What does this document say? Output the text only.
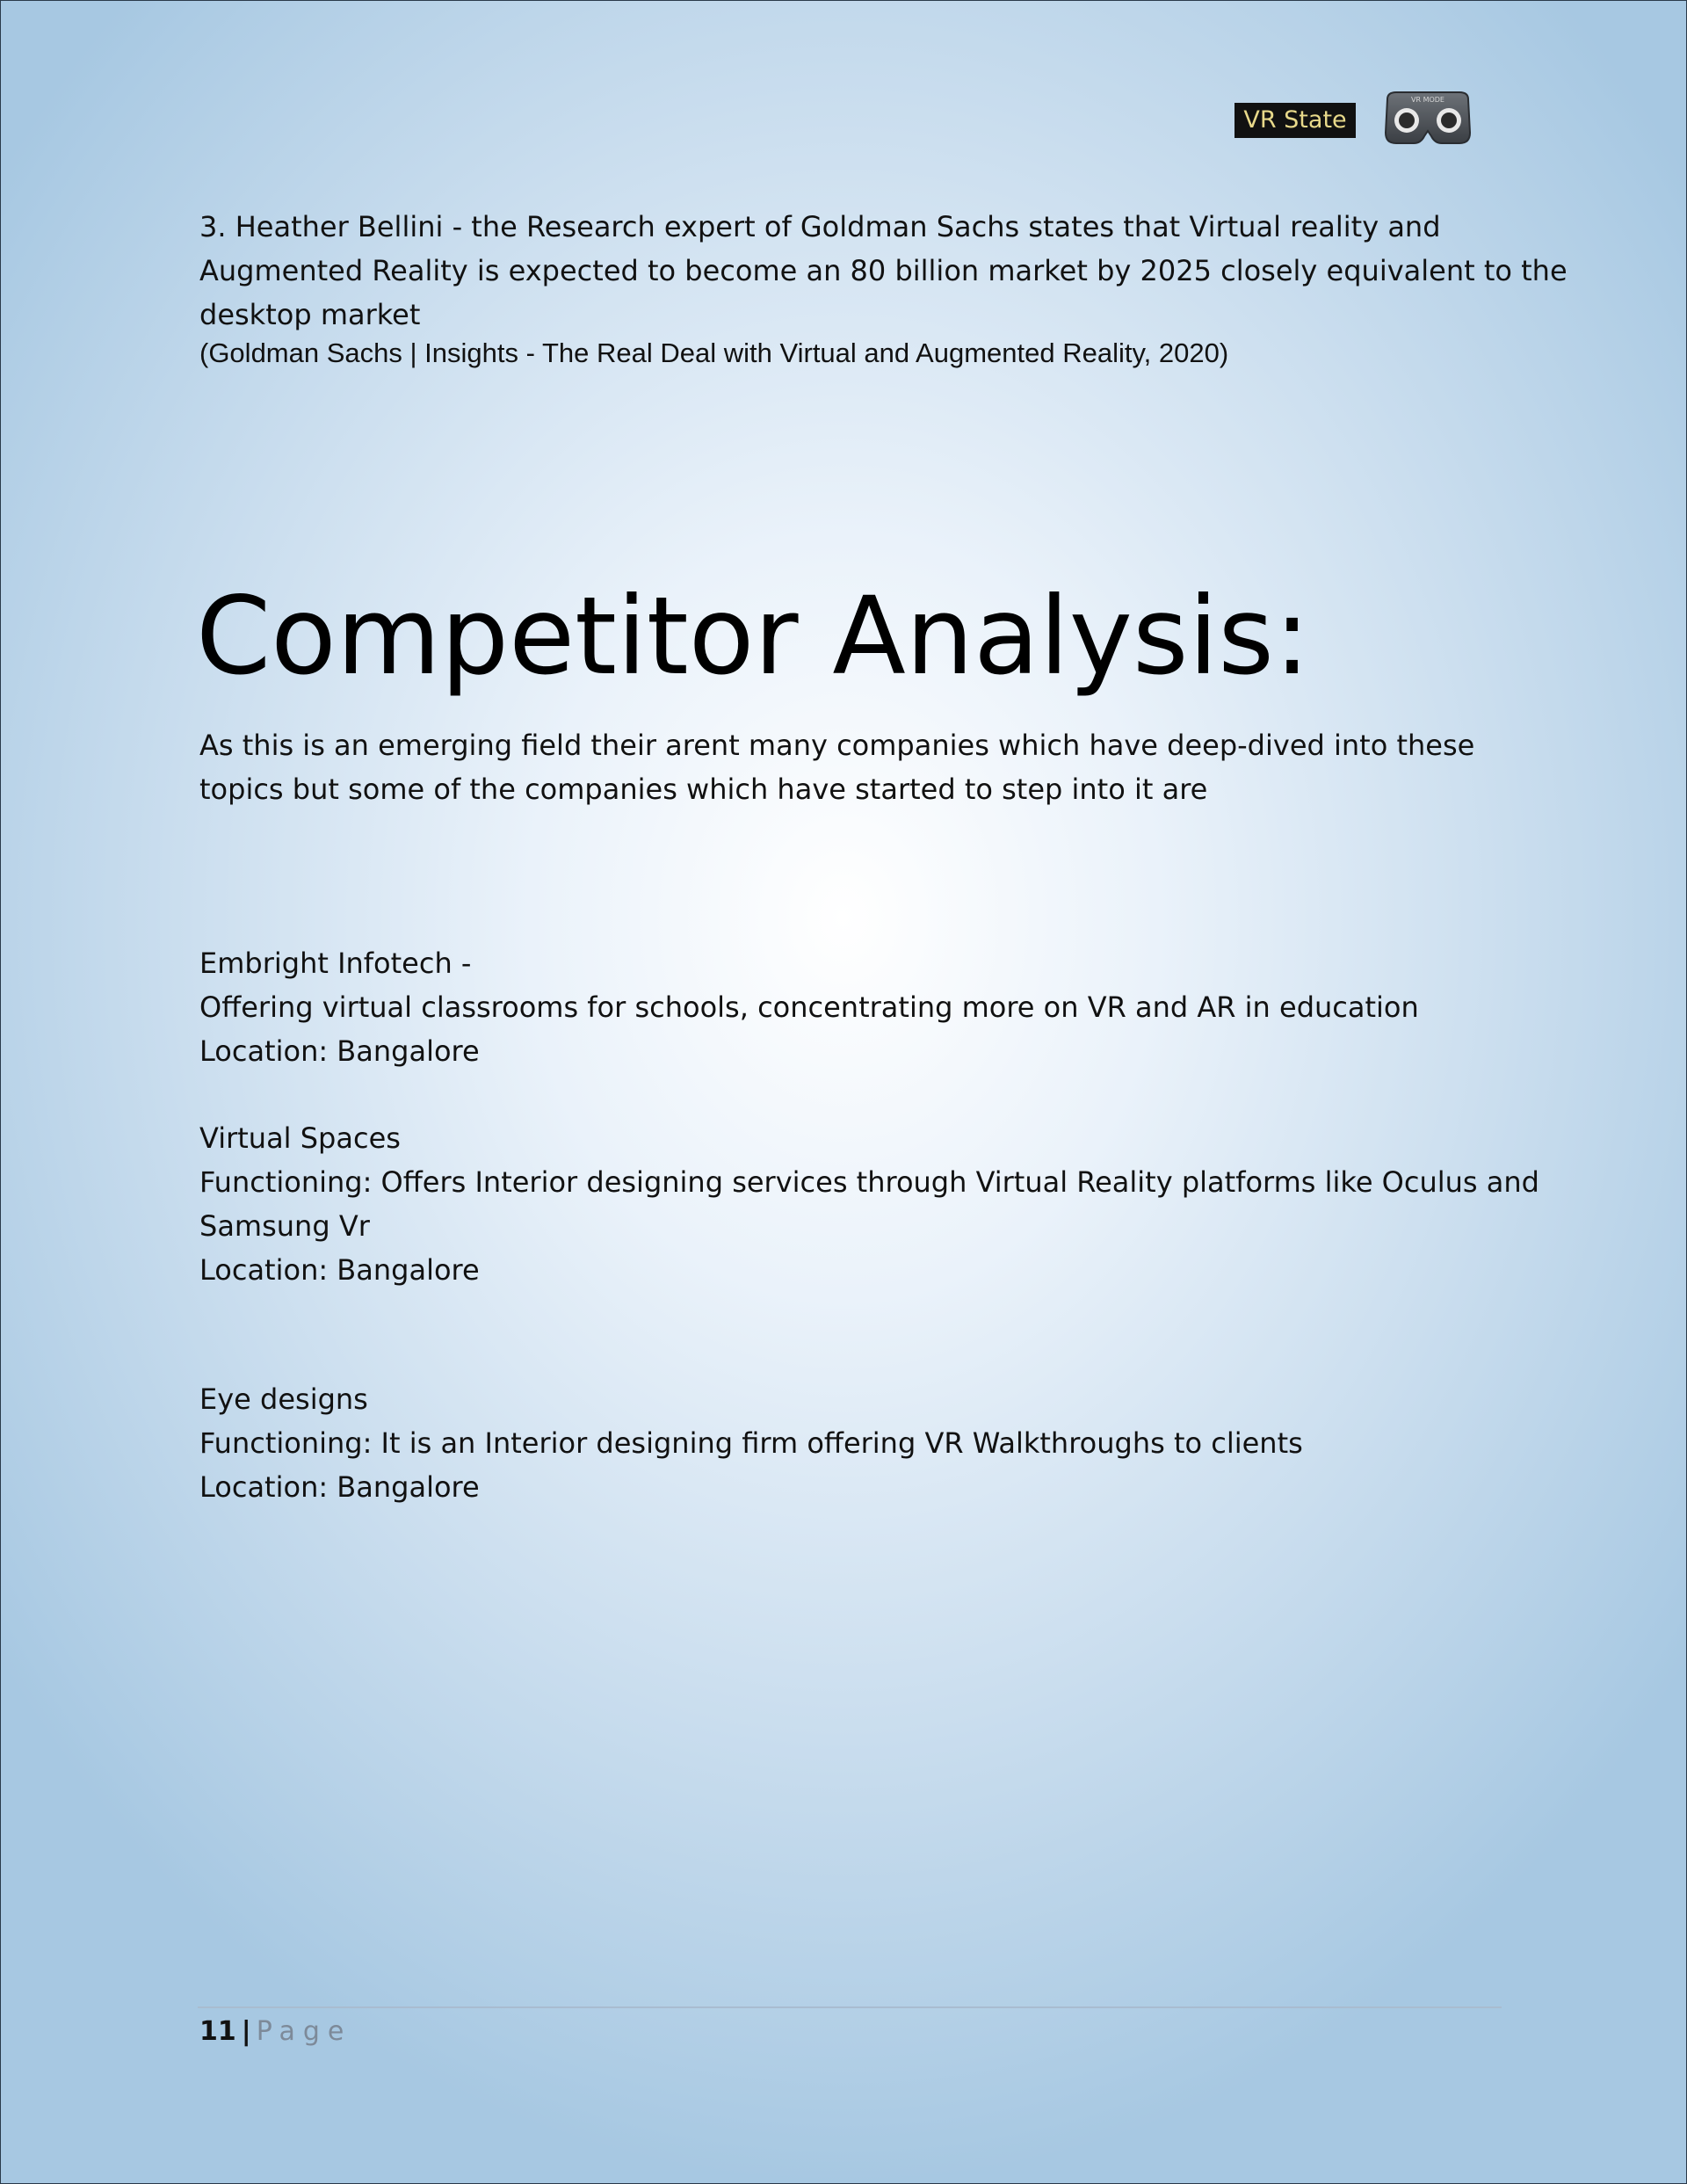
VR State
VR MODE
3. Heather Bellini - the Research expert of Goldman Sachs states that Virtual reality and
Augmented Reality is expected to become an 80 billion market by 2025 closely equivalent to the
desktop market
(Goldman Sachs | Insights - The Real Deal with Virtual and Augmented Reality, 2020)
Competitor Analysis:
As this is an emerging field their arent many companies which have deep-dived into these
topics but some of the companies which have started to step into it are
Embright Infotech -
Offering virtual classrooms for schools, concentrating more on VR and AR in education
Location: Bangalore
Virtual Spaces
Functioning: Offers Interior designing services through Virtual Reality platforms like Oculus and
Samsung Vr
Location: Bangalore
Eye designs
Functioning: It is an Interior designing firm offering VR Walkthroughs to clients
Location: Bangalore
11 | Page
